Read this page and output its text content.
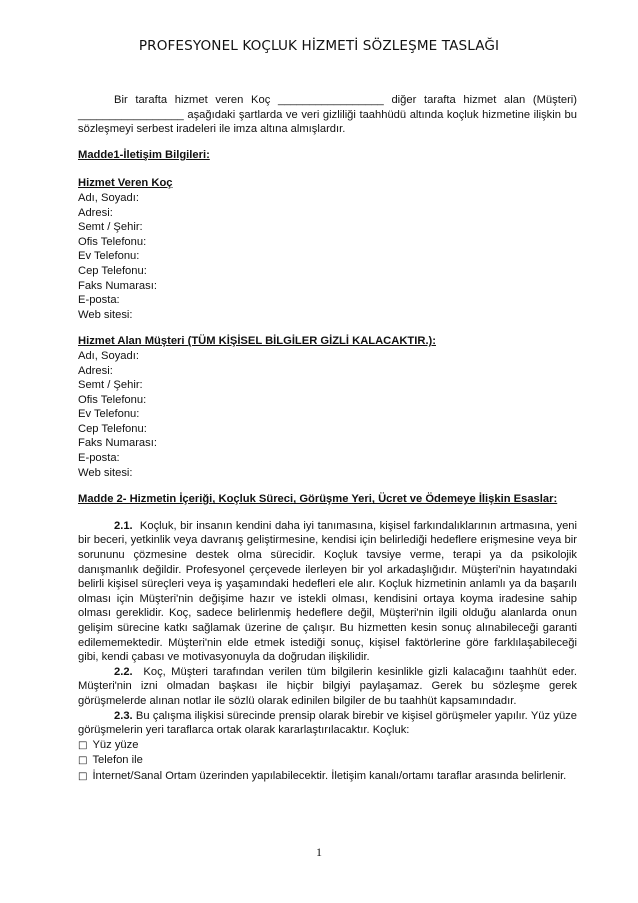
PROFESYONEL KOÇLUK HİZMETİ SÖZLEŞME TASLAĞI

Bir tarafta hizmet veren Koç _________________ diğer tarafta hizmet alan (Müşteri) _________________ aşağıdaki şartlarda ve veri gizliliği taahhüdü altında koçluk hizmetine ilişkin bu sözleşmeyi serbest iradeleri ile imza altına almışlardır.

Madde1-İletişim Bilgileri:

Hizmet Veren Koç

Adı, Soyadı:
Adresi:
Semt / Şehir:
Ofis Telefonu:
Ev Telefonu:
Cep Telefonu:
Faks Numarası:
E-posta:
Web sitesi:

Hizmet Alan Müşteri (TÜM KİŞİSEL BİLGİLER GİZLİ KALACAKTIR.):

Adı, Soyadı:
Adresi:
Semt / Şehir:
Ofis Telefonu:
Ev Telefonu:
Cep Telefonu:
Faks Numarası:
E-posta:
Web sitesi:

Madde 2- Hizmetin İçeriği, Koçluk Süreci, Görüşme Yeri, Ücret ve Ödemeye İlişkin Esaslar:

2.1. Koçluk, bir insanın kendini daha iyi tanımasına, kişisel farkındalıklarının artmasına, yeni bir beceri, yetkinlik veya davranış geliştirmesine, kendisi için belirlediği hedeflere erişmesine veya bir sorununu çözmesine destek olma sürecidir. Koçluk tavsiye verme, terapi ya da psikolojik danışmanlık değildir. Profesyonel çerçevede ilerleyen bir yol arkadaşlığıdır. Müşteri'nin hayatındaki belirli kişisel süreçleri veya iş yaşamındaki hedefleri ele alır. Koçluk hizmetinin anlamlı ya da başarılı olması için Müşteri'nin değişime hazır ve istekli olması, kendisini ortaya koyma iradesine sahip olması gereklidir. Koç, sadece belirlenmiş hedeflere değil, Müşteri'nin ilgili olduğu alanlarda onun gelişim sürecine katkı sağlamak üzerine de çalışır. Bu hizmetten kesin sonuç alınabileceği garanti edilememektedir. Müşteri'nin elde etmek istediği sonuç, kişisel faktörlerine göre farklılaşabileceği gibi, kendi çabası ve motivasyonuyla da doğrudan ilişkilidir.

2.2. Koç, Müşteri tarafından verilen tüm bilgilerin kesinlikle gizli kalacağını taahhüt eder. Müşteri'nin izni olmadan başkası ile hiçbir bilgiyi paylaşamaz. Gerek bu sözleşme gerek görüşmelerde alınan notlar ile sözlü olarak edinilen bilgiler de bu taahhüt kapsamındadır.

2.3. Bu çalışma ilişkisi sürecinde prensip olarak birebir ve kişisel görüşmeler yapılır. Yüz yüze görüşmelerin yeri taraflarca ortak olarak kararlaştırılacaktır. Koçluk:

□ Yüz yüze
□ Telefon ile

□ İnternet/Sanal Ortam üzerinden yapılabilecektir. İletişim kanalı/ortamı taraflar arasında belirlenir.

1
